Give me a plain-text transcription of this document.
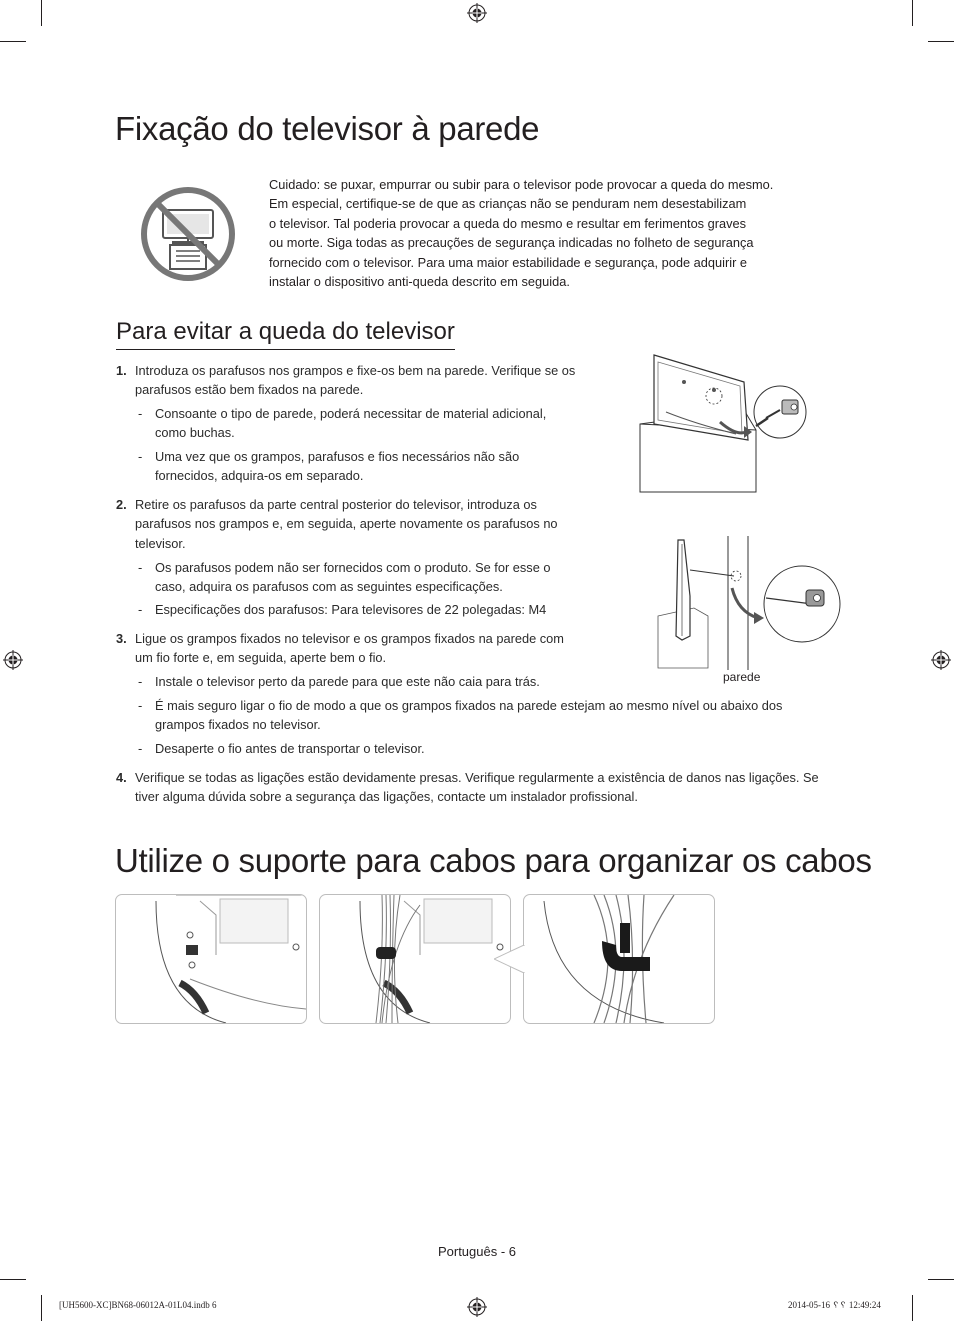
Fixação do televisor à parede
Cuidado: se puxar, empurrar ou subir para o televisor pode provocar a queda do mesmo.
Em especial, certifique-se de que as crianças não se penduram nem desestabilizam
o televisor. Tal poderia provocar a queda do mesmo e resultar em ferimentos graves
ou morte. Siga todas as precauções de segurança indicadas no folheto de segurança
fornecido com o televisor. Para uma maior estabilidade e segurança, pode adquirir e
instalar o dispositivo anti-queda descrito em seguida.
Para evitar a queda do televisor
1. Introduza os parafusos nos grampos e fixe-os bem na parede. Verifique se os
parafusos estão bem fixados na parede.
- Consoante o tipo de parede, poderá necessitar de material adicional,
como buchas.
- Uma vez que os grampos, parafusos e fios necessários não são
fornecidos, adquira-os em separado.
2. Retire os parafusos da parte central posterior do televisor, introduza os
parafusos nos grampos e, em seguida, aperte novamente os parafusos no
televisor.
- Os parafusos podem não ser fornecidos com o produto. Se for esse o
caso, adquira os parafusos com as seguintes especificações.
- Especificações dos parafusos: Para televisores de 22 polegadas: M4
3. Ligue os grampos fixados no televisor e os grampos fixados na parede com
um fio forte e, em seguida, aperte bem o fio.
- Instale o televisor perto da parede para que este não caia para trás.
- É mais seguro ligar o fio de modo a que os grampos fixados na parede estejam ao mesmo nível ou abaixo dos
grampos fixados no televisor.
- Desaperte o fio antes de transportar o televisor.
4. Verifique se todas as ligações estão devidamente presas. Verifique regularmente a existência de danos nas ligações. Se
tiver alguma dúvida sobre a segurança das ligações, contacte um instalador profissional.
parede
Utilize o suporte para cabos para organizar os cabos
Português - 6
[UH5600-XC]BN68-06012A-01L04.indb 6	2014-05-16 ␦␦ 12:49:24
